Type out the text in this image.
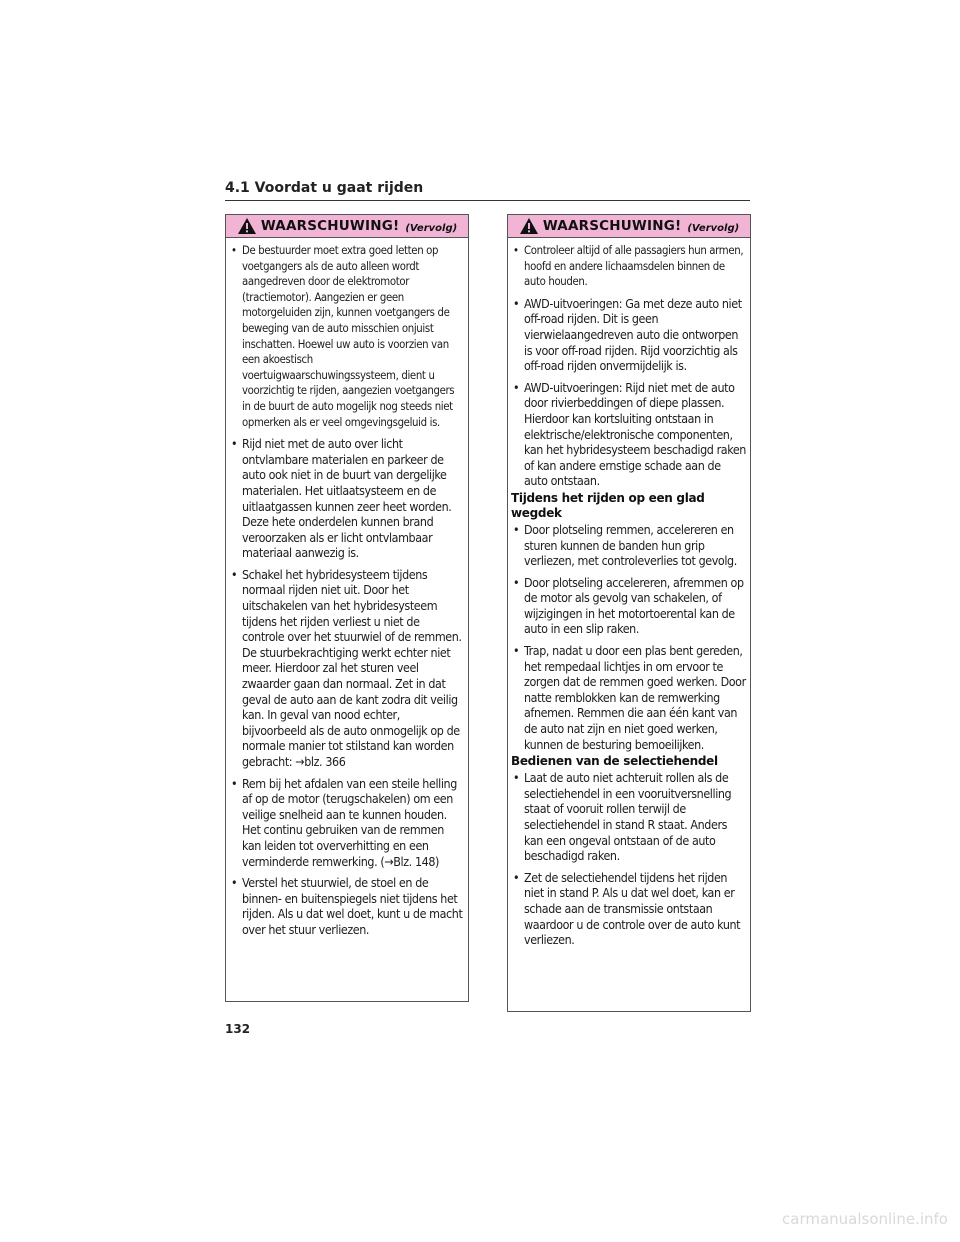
4.1 Voordat u gaat rijden
WAARSCHUWING! (Vervolg)
• De bestuurder moet extra goed letten op voetgangers als de auto alleen wordt aangedreven door de elektromotor (tractiemotor). Aangezien er geen motorgeluiden zijn, kunnen voetgangers de beweging van de auto misschien onjuist inschatten. Hoewel uw auto is voorzien van een akoestisch voertuigwaarschuwingssysteem, dient u voorzichtig te rijden, aangezien voetgangers in de buurt de auto mogelijk nog steeds niet opmerken als er veel omgevingsgeluid is.
• Rijd niet met de auto over licht ontvlambare materialen en parkeer de auto ook niet in de buurt van dergelijke materialen. Het uitlaatsysteem en de uitlaatgassen kunnen zeer heet worden. Deze hete onderdelen kunnen brand veroorzaken als er licht ontvlambaar materiaal aanwezig is.
• Schakel het hybridesysteem tijdens normaal rijden niet uit. Door het uitschakelen van het hybridesysteem tijdens het rijden verliest u niet de controle over het stuurwiel of de remmen. De stuurbekrachtiging werkt echter niet meer. Hierdoor zal het sturen veel zwaarder gaan dan normaal. Zet in dat geval de auto aan de kant zodra dit veilig kan. In geval van nood echter, bijvoorbeeld als de auto onmogelijk op de normale manier tot stilstand kan worden gebracht: →blz. 366
• Rem bij het afdalen van een steile helling af op de motor (terugschakelen) om een veilige snelheid aan te kunnen houden. Het continu gebruiken van de remmen kan leiden tot oververhitting en een verminderde remwerking. (→Blz. 148)
• Verstel het stuurwiel, de stoel en de binnen- en buitenspiegels niet tijdens het rijden. Als u dat wel doet, kunt u de macht over het stuur verliezen.
WAARSCHUWING! (Vervolg)
• Controleer altijd of alle passagiers hun armen, hoofd en andere lichaamsdelen binnen de auto houden.
• AWD-uitvoeringen: Ga met deze auto niet off-road rijden. Dit is geen vierwielaangedreven auto die ontworpen is voor off-road rijden. Rijd voorzichtig als off-road rijden onvermijdelijk is.
• AWD-uitvoeringen: Rijd niet met de auto door rivierbeddingen of diepe plassen. Hierdoor kan kortsluiting ontstaan in elektrische/elektronische componenten, kan het hybridesysteem beschadigd raken of kan andere ernstige schade aan de auto ontstaan.
Tijdens het rijden op een glad wegdek
• Door plotseling remmen, accelereren en sturen kunnen de banden hun grip verliezen, met controleverlies tot gevolg.
• Door plotseling accelereren, afremmen op de motor als gevolg van schakelen, of wijzigingen in het motortoerental kan de auto in een slip raken.
• Trap, nadat u door een plas bent gereden, het rempedaal lichtjes in om ervoor te zorgen dat de remmen goed werken. Door natte remblokken kan de remwerking afnemen. Remmen die aan één kant van de auto nat zijn en niet goed werken, kunnen de besturing bemoeilijken.
Bedienen van de selectiehendel
• Laat de auto niet achteruit rollen als de selectiehendel in een vooruitversnelling staat of vooruit rollen terwijl de selectiehendel in stand R staat. Anders kan een ongeval ontstaan of de auto beschadigd raken.
• Zet de selectiehendel tijdens het rijden niet in stand P. Als u dat wel doet, kan er schade aan de transmissie ontstaan waardoor u de controle over de auto kunt verliezen.
132
carmanualsonline.info
